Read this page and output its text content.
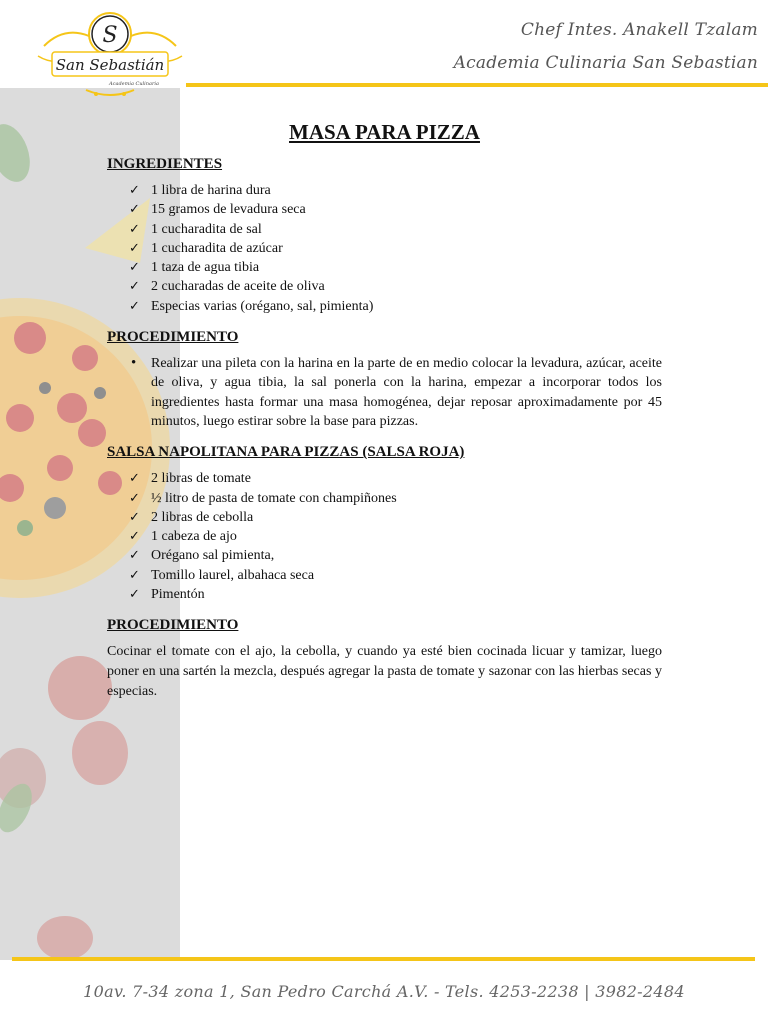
S
San Sebastián
Academia Culinaria
Chef Intes. Anakell Tzalam
Academia Culinaria San Sebastian
MASA PARA PIZZA
INGREDIENTES
✓ 1 libra de harina dura
✓ 15 gramos de levadura seca
✓ 1 cucharadita de sal
✓ 1 cucharadita de azúcar
✓ 1 taza de agua tibia
✓ 2 cucharadas de aceite de oliva
✓ Especias varias (orégano, sal, pimienta)
PROCEDIMIENTO
• Realizar una pileta con la harina en la parte de en medio colocar la levadura, azúcar, aceite de oliva, y agua tibia, la sal ponerla con la harina, empezar a incorporar todos los ingredientes hasta formar una masa homogénea, dejar reposar aproximadamente por 45 minutos, luego estirar sobre la base para pizzas.
SALSA NAPOLITANA PARA PIZZAS (SALSA ROJA)
✓ 2 libras de tomate
✓ ½ litro de pasta de tomate con champiñones
✓ 2 libras de cebolla
✓ 1 cabeza de ajo
✓ Orégano sal pimienta,
✓ Tomillo laurel, albahaca seca
✓ Pimentón
PROCEDIMIENTO

Cocinar el tomate con el ajo, la cebolla, y cuando ya esté bien cocinada licuar y tamizar, luego poner en una sartén la mezcla, después agregar la pasta de tomate y sazonar con las hierbas secas y especias.

10av. 7-34 zona 1, San Pedro Carchá A.V. - Tels. 4253-2238 | 3982-2484
